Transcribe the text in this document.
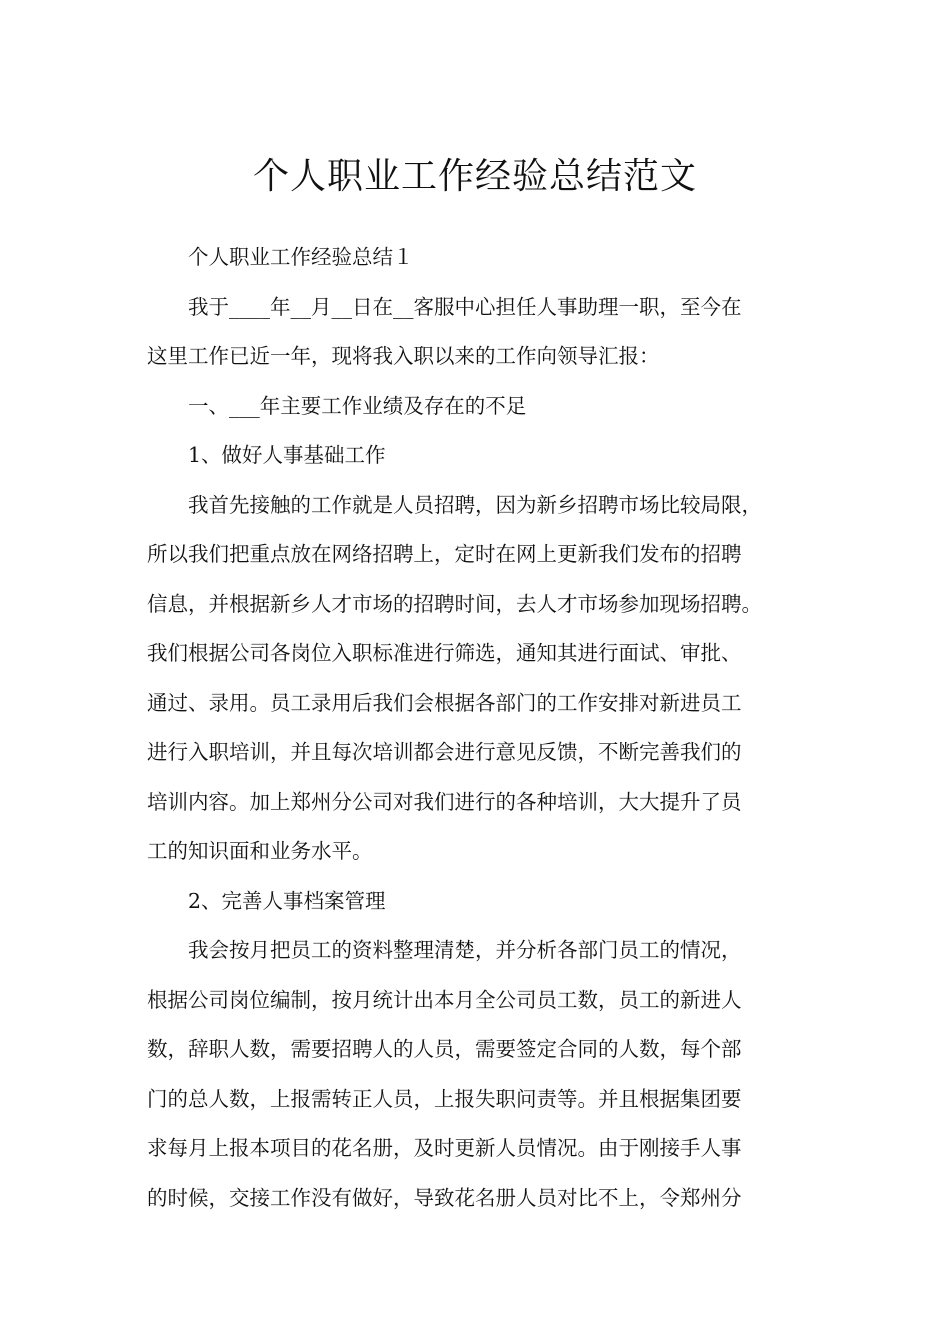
个人职业工作经验总结范文

个人职业工作经验总结１

我于____年__月__日在__客服中心担任人事助理一职，至今在

这里工作已近一年，现将我入职以来的工作向领导汇报：

一、___年主要工作业绩及存在的不足

1、做好人事基础工作

我首先接触的工作就是人员招聘，因为新乡招聘市场比较局限，

所以我们把重点放在网络招聘上，定时在网上更新我们发布的招聘

信息，并根据新乡人才市场的招聘时间，去人才市场参加现场招聘。

我们根据公司各岗位入职标准进行筛选，通知其进行面试、审批、

通过、录用。员工录用后我们会根据各部门的工作安排对新进员工

进行入职培训，并且每次培训都会进行意见反馈，不断完善我们的

培训内容。加上郑州分公司对我们进行的各种培训，大大提升了员

工的知识面和业务水平。

2、完善人事档案管理

我会按月把员工的资料整理清楚，并分析各部门员工的情况，

根据公司岗位编制，按月统计出本月全公司员工数，员工的新进人

数，辞职人数，需要招聘人的人员，需要签定合同的人数，每个部

门的总人数，上报需转正人员，上报失职问责等。并且根据集团要

求每月上报本项目的花名册，及时更新人员情况。由于刚接手人事

的时候，交接工作没有做好，导致花名册人员对比不上，令郑州分
